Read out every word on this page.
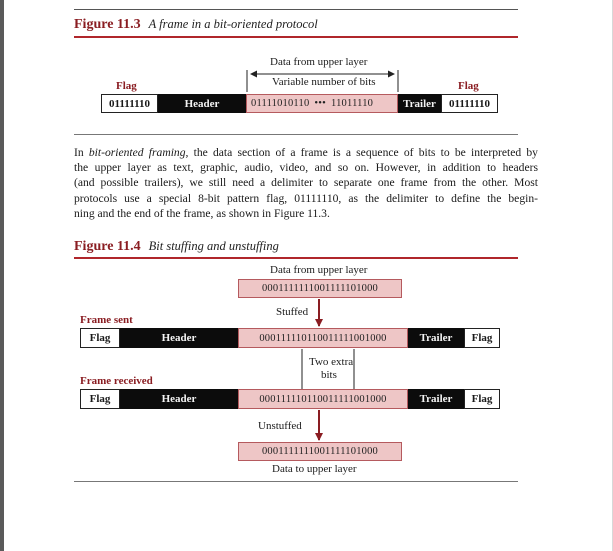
Figure 11.3 A frame in a bit-oriented protocol
Data from upper layer
Variable number of bits
Flag	Flag
01111110	Header	01111010110 ••• 11011110	Trailer	01111110
In bit-oriented framing, the data section of a frame is a sequence of bits to be interpreted by
the upper layer as text, graphic, audio, video, and so on. However, in addition to headers
(and possible trailers), we still need a delimiter to separate one frame from the other. Most
protocols use a special 8-bit pattern flag, 01111110, as the delimiter to define the begin-
ning and the end of the frame, as shown in Figure 11.3.
Figure 11.4 Bit stuffing and unstuffing
Data from upper layer
0001111111001111101000
Stuffed
Frame sent
Flag	Header	000111110110011111001000	Trailer	Flag
Two extra
bits
Frame received
Flag	Header	000111110110011111001000	Trailer	Flag
Unstuffed
0001111111001111101000
Data to upper layer
